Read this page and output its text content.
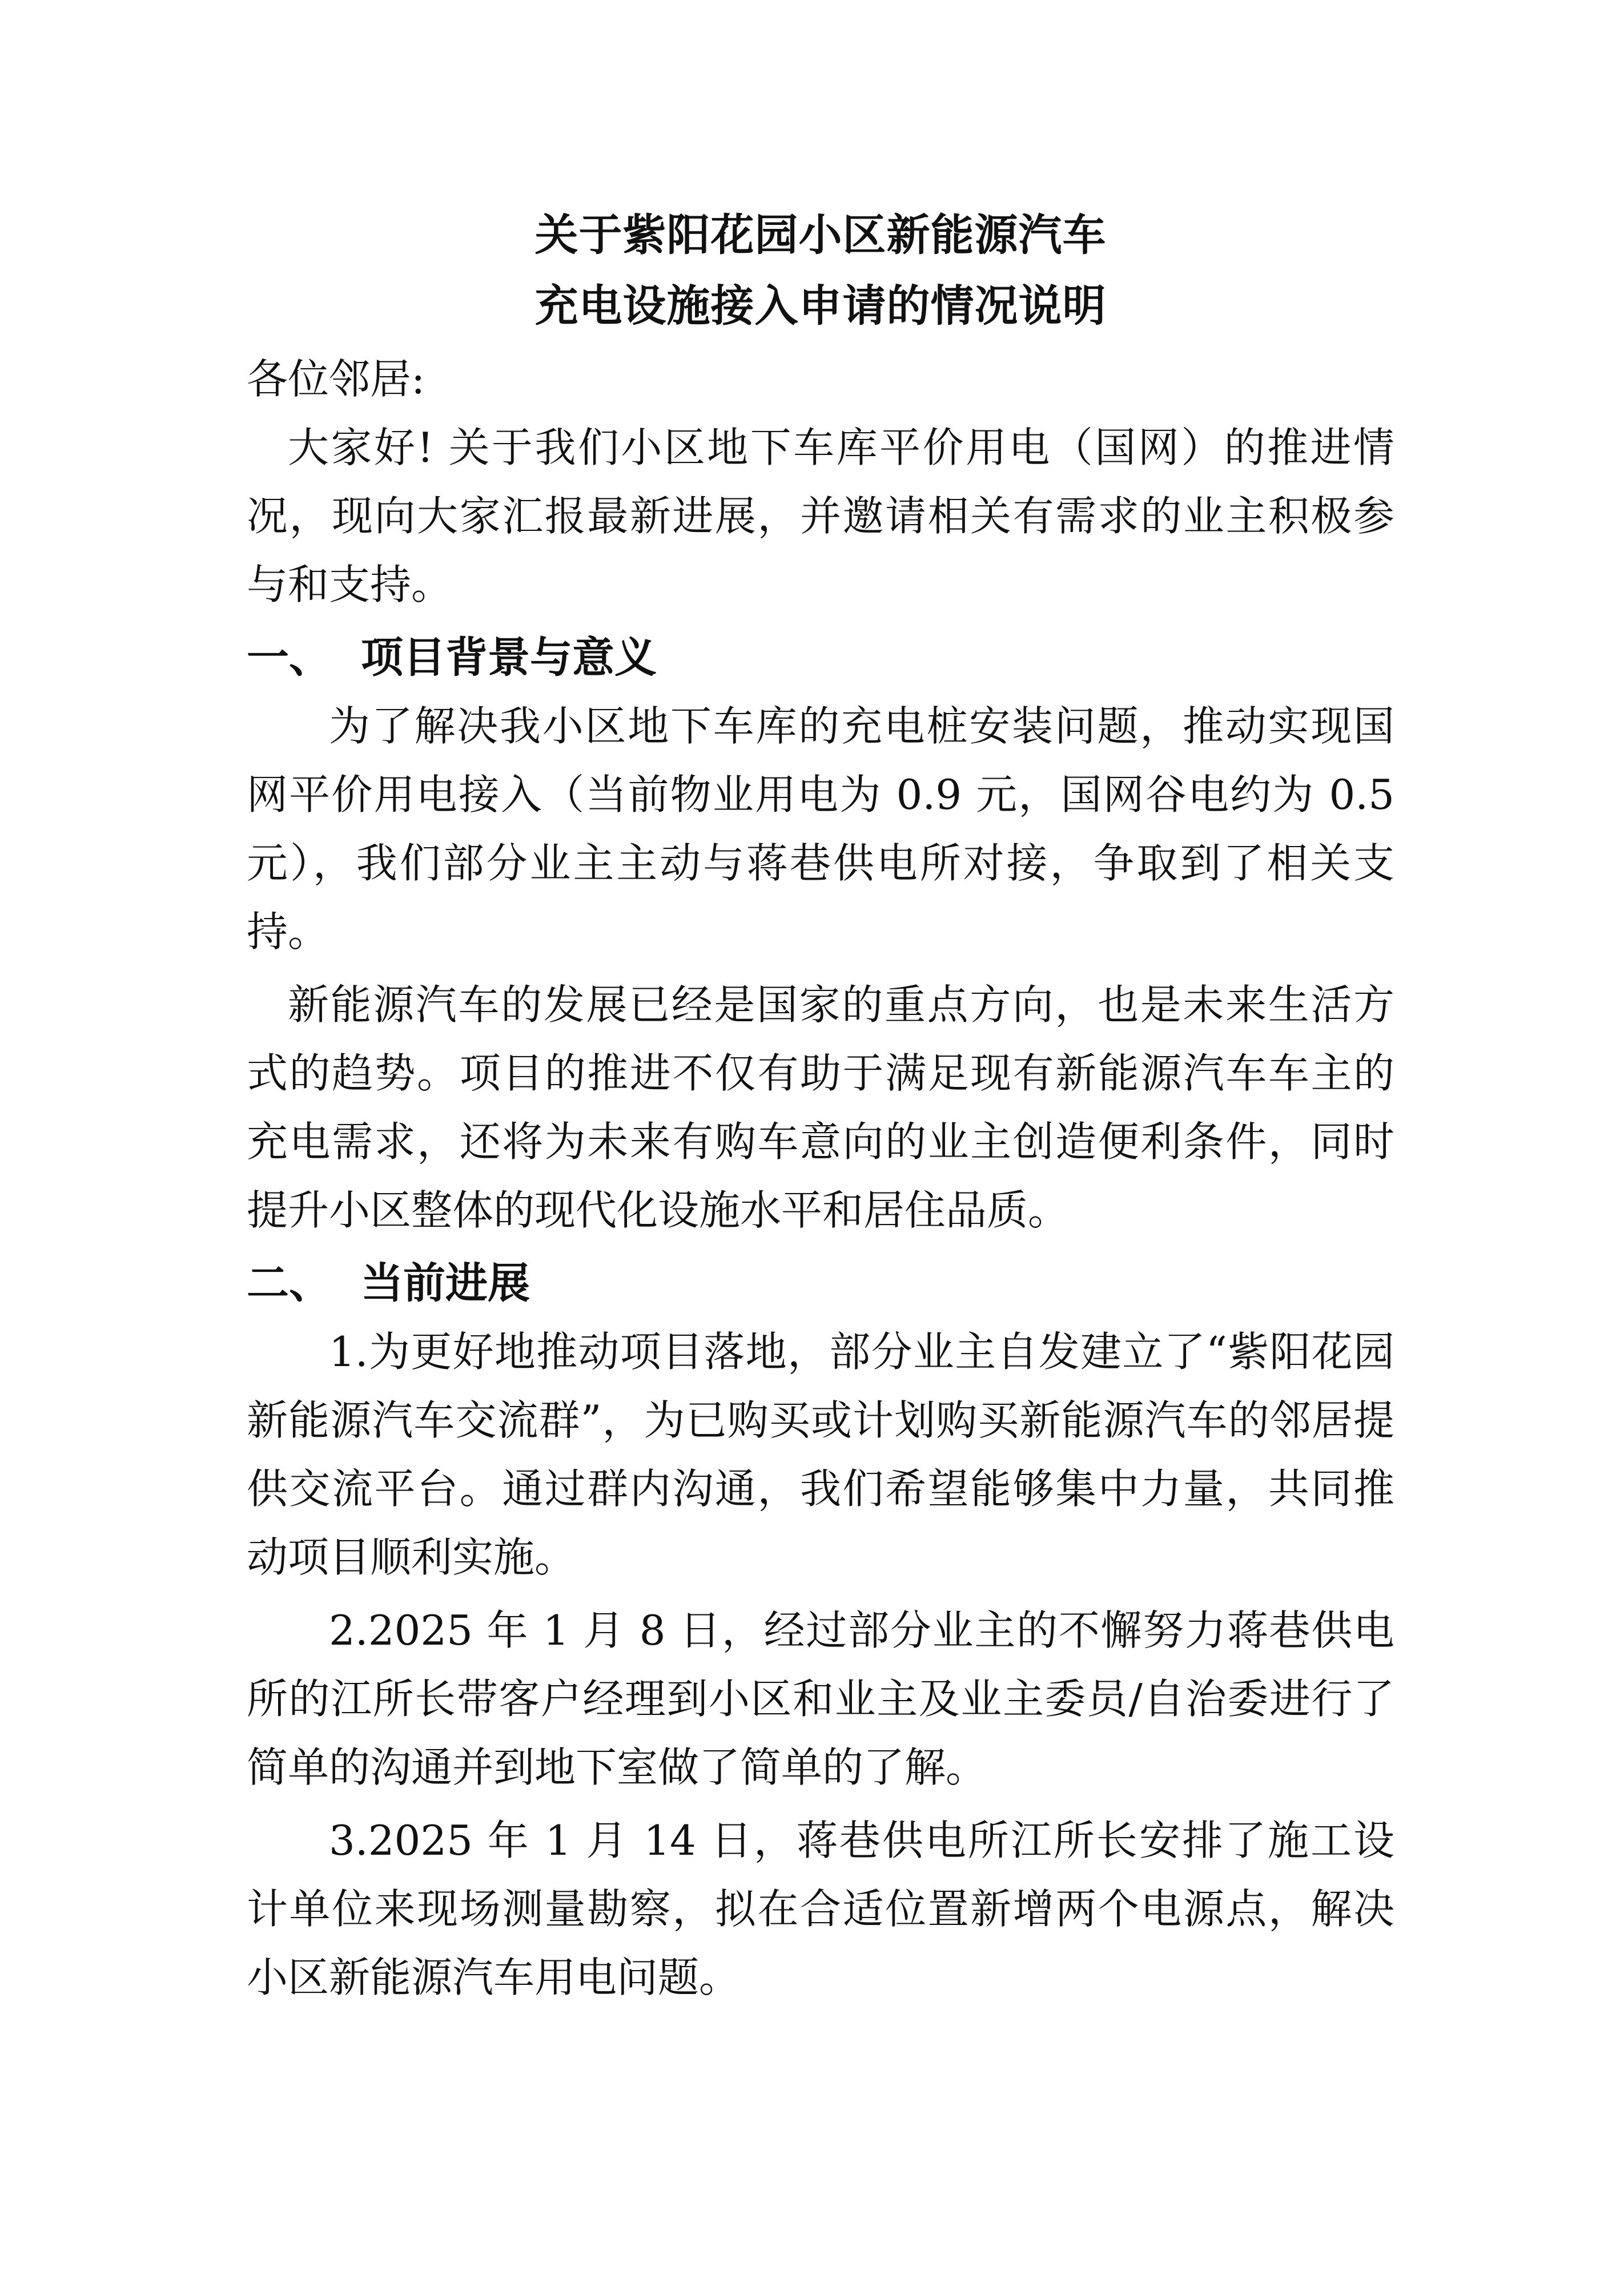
关于紫阳花园小区新能源汽车
充电设施接入申请的情况说明

各位邻居:

大家好! 关于我们小区地下车库平价用电（国网）的推进情况，现向大家汇报最新进展，并邀请相关有需求的业主积极参与和支持。

一、 项目背景与意义

为了解决我小区地下车库的充电桩安装问题，推动实现国网平价用电接入（当前物业用电为 0.9 元，国网谷电约为 0.5 元），我们部分业主主动与蒋巷供电所对接，争取到了相关支持。

新能源汽车的发展已经是国家的重点方向，也是未来生活方式的趋势。项目的推进不仅有助于满足现有新能源汽车车主的充电需求，还将为未来有购车意向的业主创造便利条件，同时提升小区整体的现代化设施水平和居住品质。

二、 当前进展

1.为更好地推动项目落地，部分业主自发建立了“紫阳花园新能源汽车交流群”，为已购买或计划购买新能源汽车的邻居提供交流平台。通过群内沟通，我们希望能够集中力量，共同推动项目顺利实施。

2.2025 年 1 月 8 日，经过部分业主的不懈努力蒋巷供电所的江所长带客户经理到小区和业主及业主委员/自治委进行了简单的沟通并到地下室做了简单的了解。

3.2025 年 1 月 14 日，蒋巷供电所江所长安排了施工设计单位来现场测量勘察，拟在合适位置新增两个电源点，解决小区新能源汽车用电问题。
